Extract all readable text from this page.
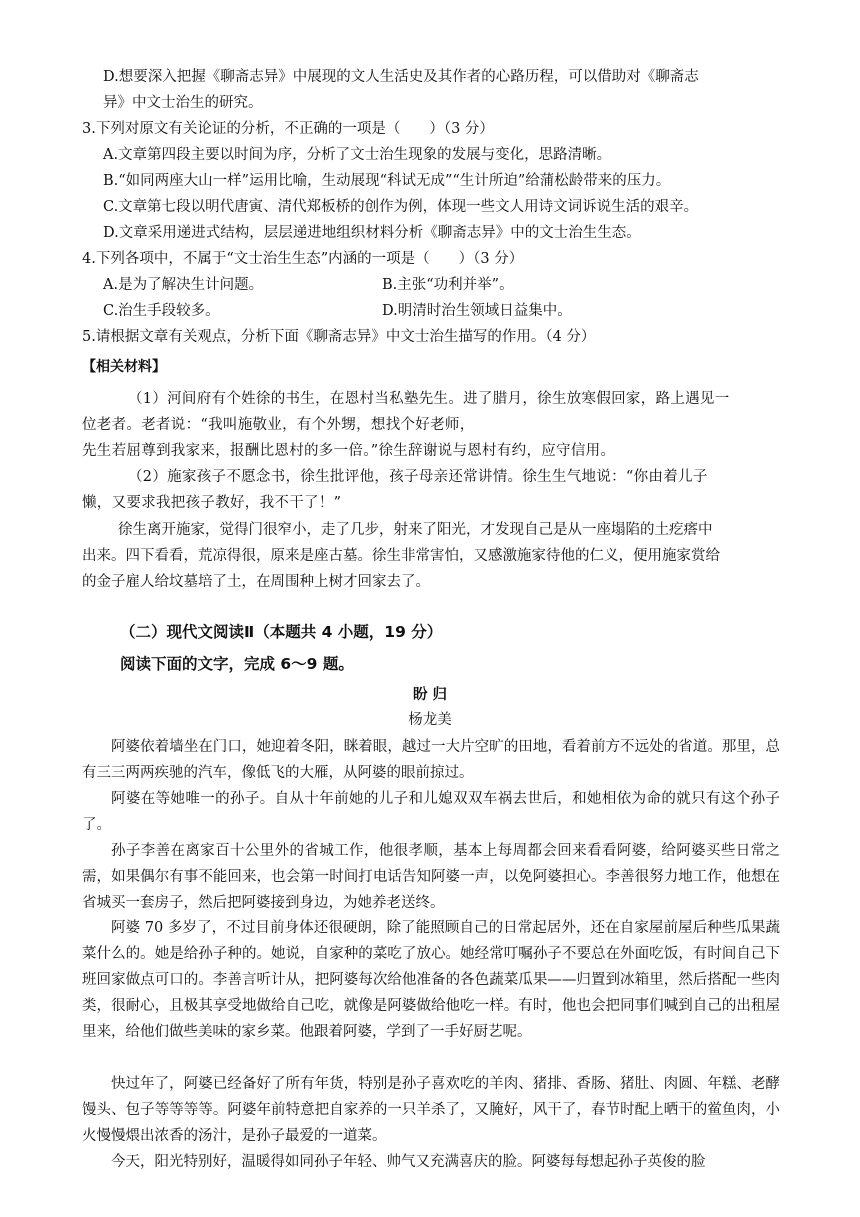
D.想要深入把握《聊斋志异》中展现的文人生活史及其作者的心路历程，可以借助对《聊斋志
异》中文士治生的研究。
3.下列对原文有关论证的分析，不正确的一项是（　　）（3 分）
A.文章第四段主要以时间为序，分析了文士治生现象的发展与变化，思路清晰。
B.“如同两座大山一样”运用比喻，生动展现“科试无成”“生计所迫”给蒲松龄带来的压力。
C.文章第七段以明代唐寅、清代郑板桥的创作为例，体现一些文人用诗文词诉说生活的艰辛。
D.文章采用递进式结构，层层递进地组织材料分析《聊斋志异》中的文士治生生态。
4.下列各项中，不属于“文士治生生态”内涵的一项是（　　）（3 分）
A.是为了解决生计问题。	B.主张“功利并举”。
C.治生手段较多。	D.明清时治生领域日益集中。
5.请根据文章有关观点，分析下面《聊斋志异》中文士治生描写的作用。（4 分）
【相关材料】
（1）河间府有个姓徐的书生，在恩村当私塾先生。进了腊月，徐生放寒假回家，路上遇见一
位老者。老者说：“我叫施敬业，有个外甥，想找个好老师，
先生若屈尊到我家来，报酬比恩村的多一倍。”徐生辞谢说与恩村有约，应守信用。
（2）施家孩子不愿念书，徐生批评他，孩子母亲还常讲情。徐生生气地说：“你由着儿子
懒，又要求我把孩子教好，我不干了！”
徐生离开施家，觉得门很窄小，走了几步，射来了阳光，才发现自己是从一座塌陷的土疙瘩中
出来。四下看看，荒凉得很，原来是座古墓。徐生非常害怕，又感激施家待他的仁义，便用施家赏给
的金子雇人给坟墓培了土，在周围种上树才回家去了。
（二）现代文阅读Ⅱ（本题共 4 小题，19 分）
阅读下面的文字，完成 6～9 题。
盼 归
杨龙美
阿婆依着墙坐在门口，她迎着冬阳，眯着眼，越过一大片空旷的田地，看着前方不远处的省道。那里，总有三三两两疾驰的汽车，像低飞的大雁，从阿婆的眼前掠过。
阿婆在等她唯一的孙子。自从十年前她的儿子和儿媳双双车祸去世后，和她相依为命的就只有这个孙子了。
孙子李善在离家百十公里外的省城工作，他很孝顺，基本上每周都会回来看看阿婆，给阿婆买些日常之需，如果偶尔有事不能回来，也会第一时间打电话告知阿婆一声，以免阿婆担心。李善很努力地工作，他想在省城买一套房子，然后把阿婆接到身边，为她养老送终。
阿婆 70 多岁了，不过目前身体还很硬朗，除了能照顾自己的日常起居外，还在自家屋前屋后种些瓜果蔬菜什么的。她是给孙子种的。她说，自家种的菜吃了放心。她经常叮嘱孙子不要总在外面吃饭，有时间自己下班回家做点可口的。李善言听计从，把阿婆每次给他准备的各色蔬菜瓜果——归置到冰箱里，然后搭配一些肉类，很耐心，且极其享受地做给自己吃，就像是阿婆做给他吃一样。有时，他也会把同事们喊到自己的出租屋里来，给他们做些美味的家乡菜。他跟着阿婆，学到了一手好厨艺呢。
快过年了，阿婆已经备好了所有年货，特别是孙子喜欢吃的羊肉、猪排、香肠、猪肚、肉圆、年糕、老酵馒头、包子等等等等。阿婆年前特意把自家养的一只羊杀了，又腌好，风干了，春节时配上晒干的鲎鱼肉，小火慢慢煨出浓香的汤汁，是孙子最爱的一道菜。
今天，阳光特别好，温暖得如同孙子年轻、帅气又充满喜庆的脸。阿婆每每想起孙子英俊的脸
